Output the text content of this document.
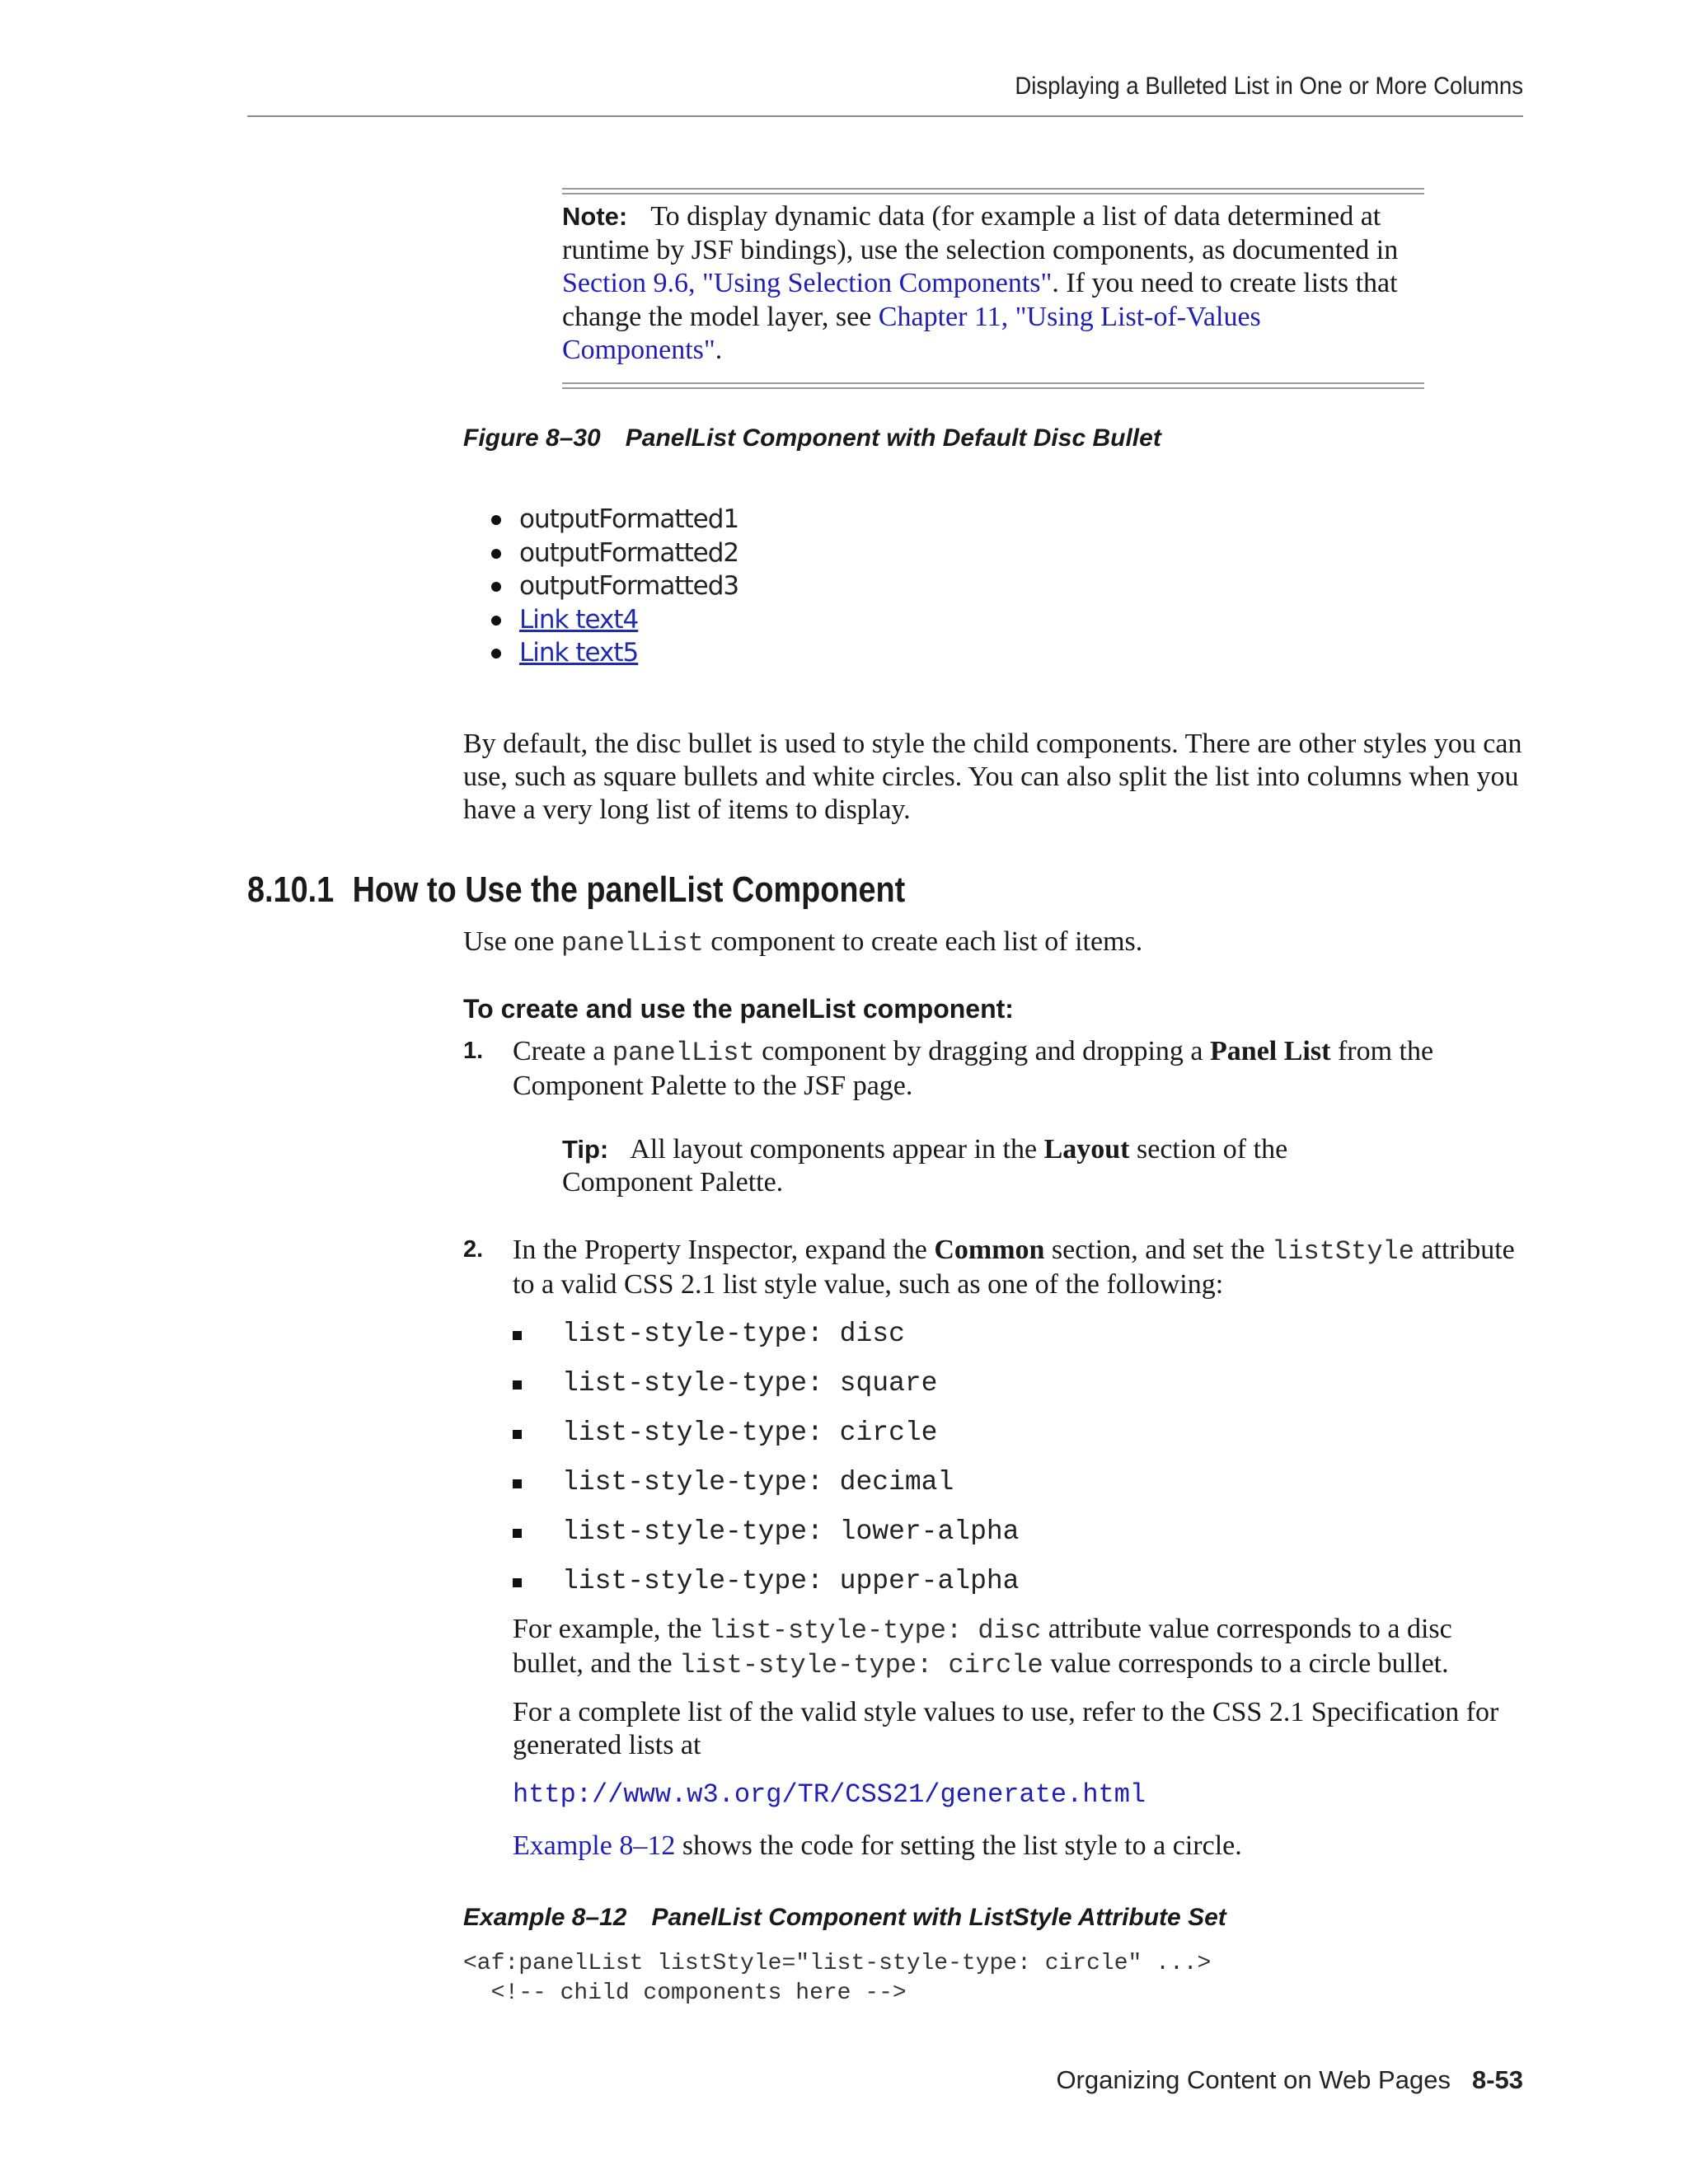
Displaying a Bulleted List in One or More Columns
Note: To display dynamic data (for example a list of data determined at runtime by JSF bindings), use the selection components, as documented in Section 9.6, "Using Selection Components". If you need to create lists that change the model layer, see Chapter 11, "Using List-of-Values Components".
Figure 8–30 PanelList Component with Default Disc Bullet
outputFormatted1
outputFormatted2
outputFormatted3
Link text4
Link text5
By default, the disc bullet is used to style the child components. There are other styles you can use, such as square bullets and white circles. You can also split the list into columns when you have a very long list of items to display.
8.10.1 How to Use the panelList Component
Use one panelList component to create each list of items.
To create and use the panelList component:
1. Create a panelList component by dragging and dropping a Panel List from the Component Palette to the JSF page.
Tip: All layout components appear in the Layout section of the Component Palette.
2. In the Property Inspector, expand the Common section, and set the listStyle attribute to a valid CSS 2.1 list style value, such as one of the following:
list-style-type: disc
list-style-type: square
list-style-type: circle
list-style-type: decimal
list-style-type: lower-alpha
list-style-type: upper-alpha
For example, the list-style-type: disc attribute value corresponds to a disc bullet, and the list-style-type: circle value corresponds to a circle bullet.
For a complete list of the valid style values to use, refer to the CSS 2.1 Specification for generated lists at
http://www.w3.org/TR/CSS21/generate.html
Example 8–12 shows the code for setting the list style to a circle.
Example 8–12 PanelList Component with ListStyle Attribute Set
<af:panelList listStyle="list-style-type: circle" ...>
<!-- child components here -->
Organizing Content on Web Pages 8-53
